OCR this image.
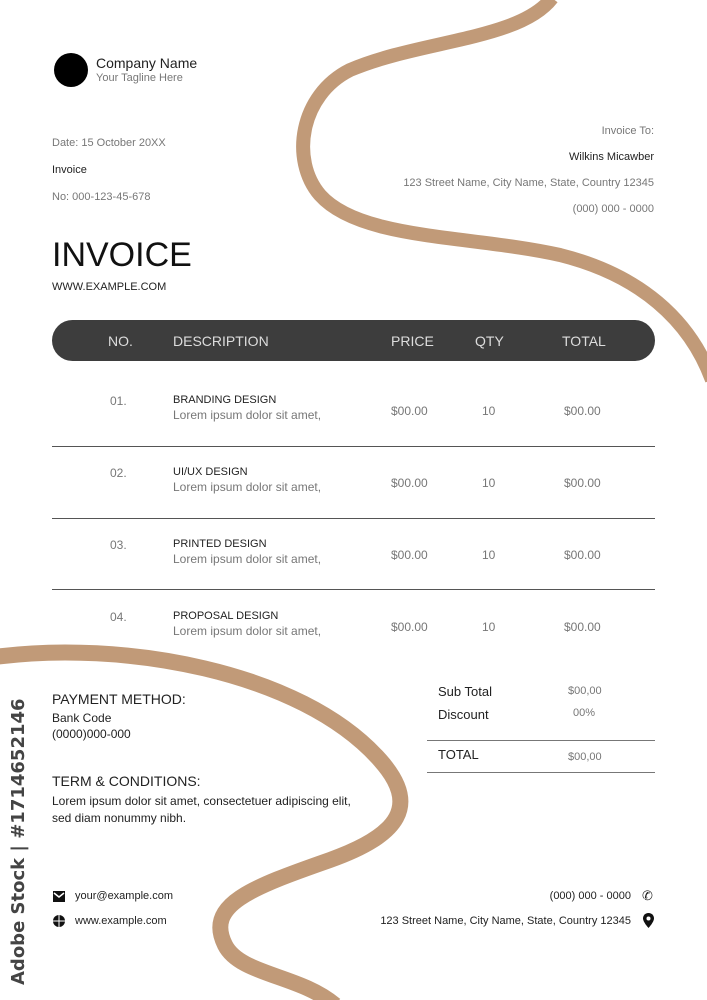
Company Name
Your Tagline Here
Date: 15 October 20XX
Invoice
No: 000-123-45-678
Invoice To:
Wilkins Micawber
123 Street Name, City Name, State, Country 12345
(000) 000 - 0000
INVOICE
WWW.EXAMPLE.COM
NO.	DESCRIPTION	PRICE	QTY	TOTAL
01.	BRANDING DESIGN
Lorem ipsum dolor sit amet,	$00.00	10	$00.00
02.	UI/UX DESIGN
Lorem ipsum dolor sit amet,	$00.00	10	$00.00
03.	PRINTED DESIGN
Lorem ipsum dolor sit amet,	$00.00	10	$00.00
04.	PROPOSAL DESIGN
Lorem ipsum dolor sit amet,	$00.00	10	$00.00
PAYMENT METHOD:
Bank Code
(0000)000-000
TERM & CONDITIONS:
Lorem ipsum dolor sit amet, consectetuer adipiscing elit,
sed diam nonummy nibh.
Sub Total	$00,00
Discount	00%
TOTAL	$00,00
your@example.com
www.example.com
(000) 000 - 0000 ✆
123 Street Name, City Name, State, Country 12345
Adobe Stock | #1714652146
